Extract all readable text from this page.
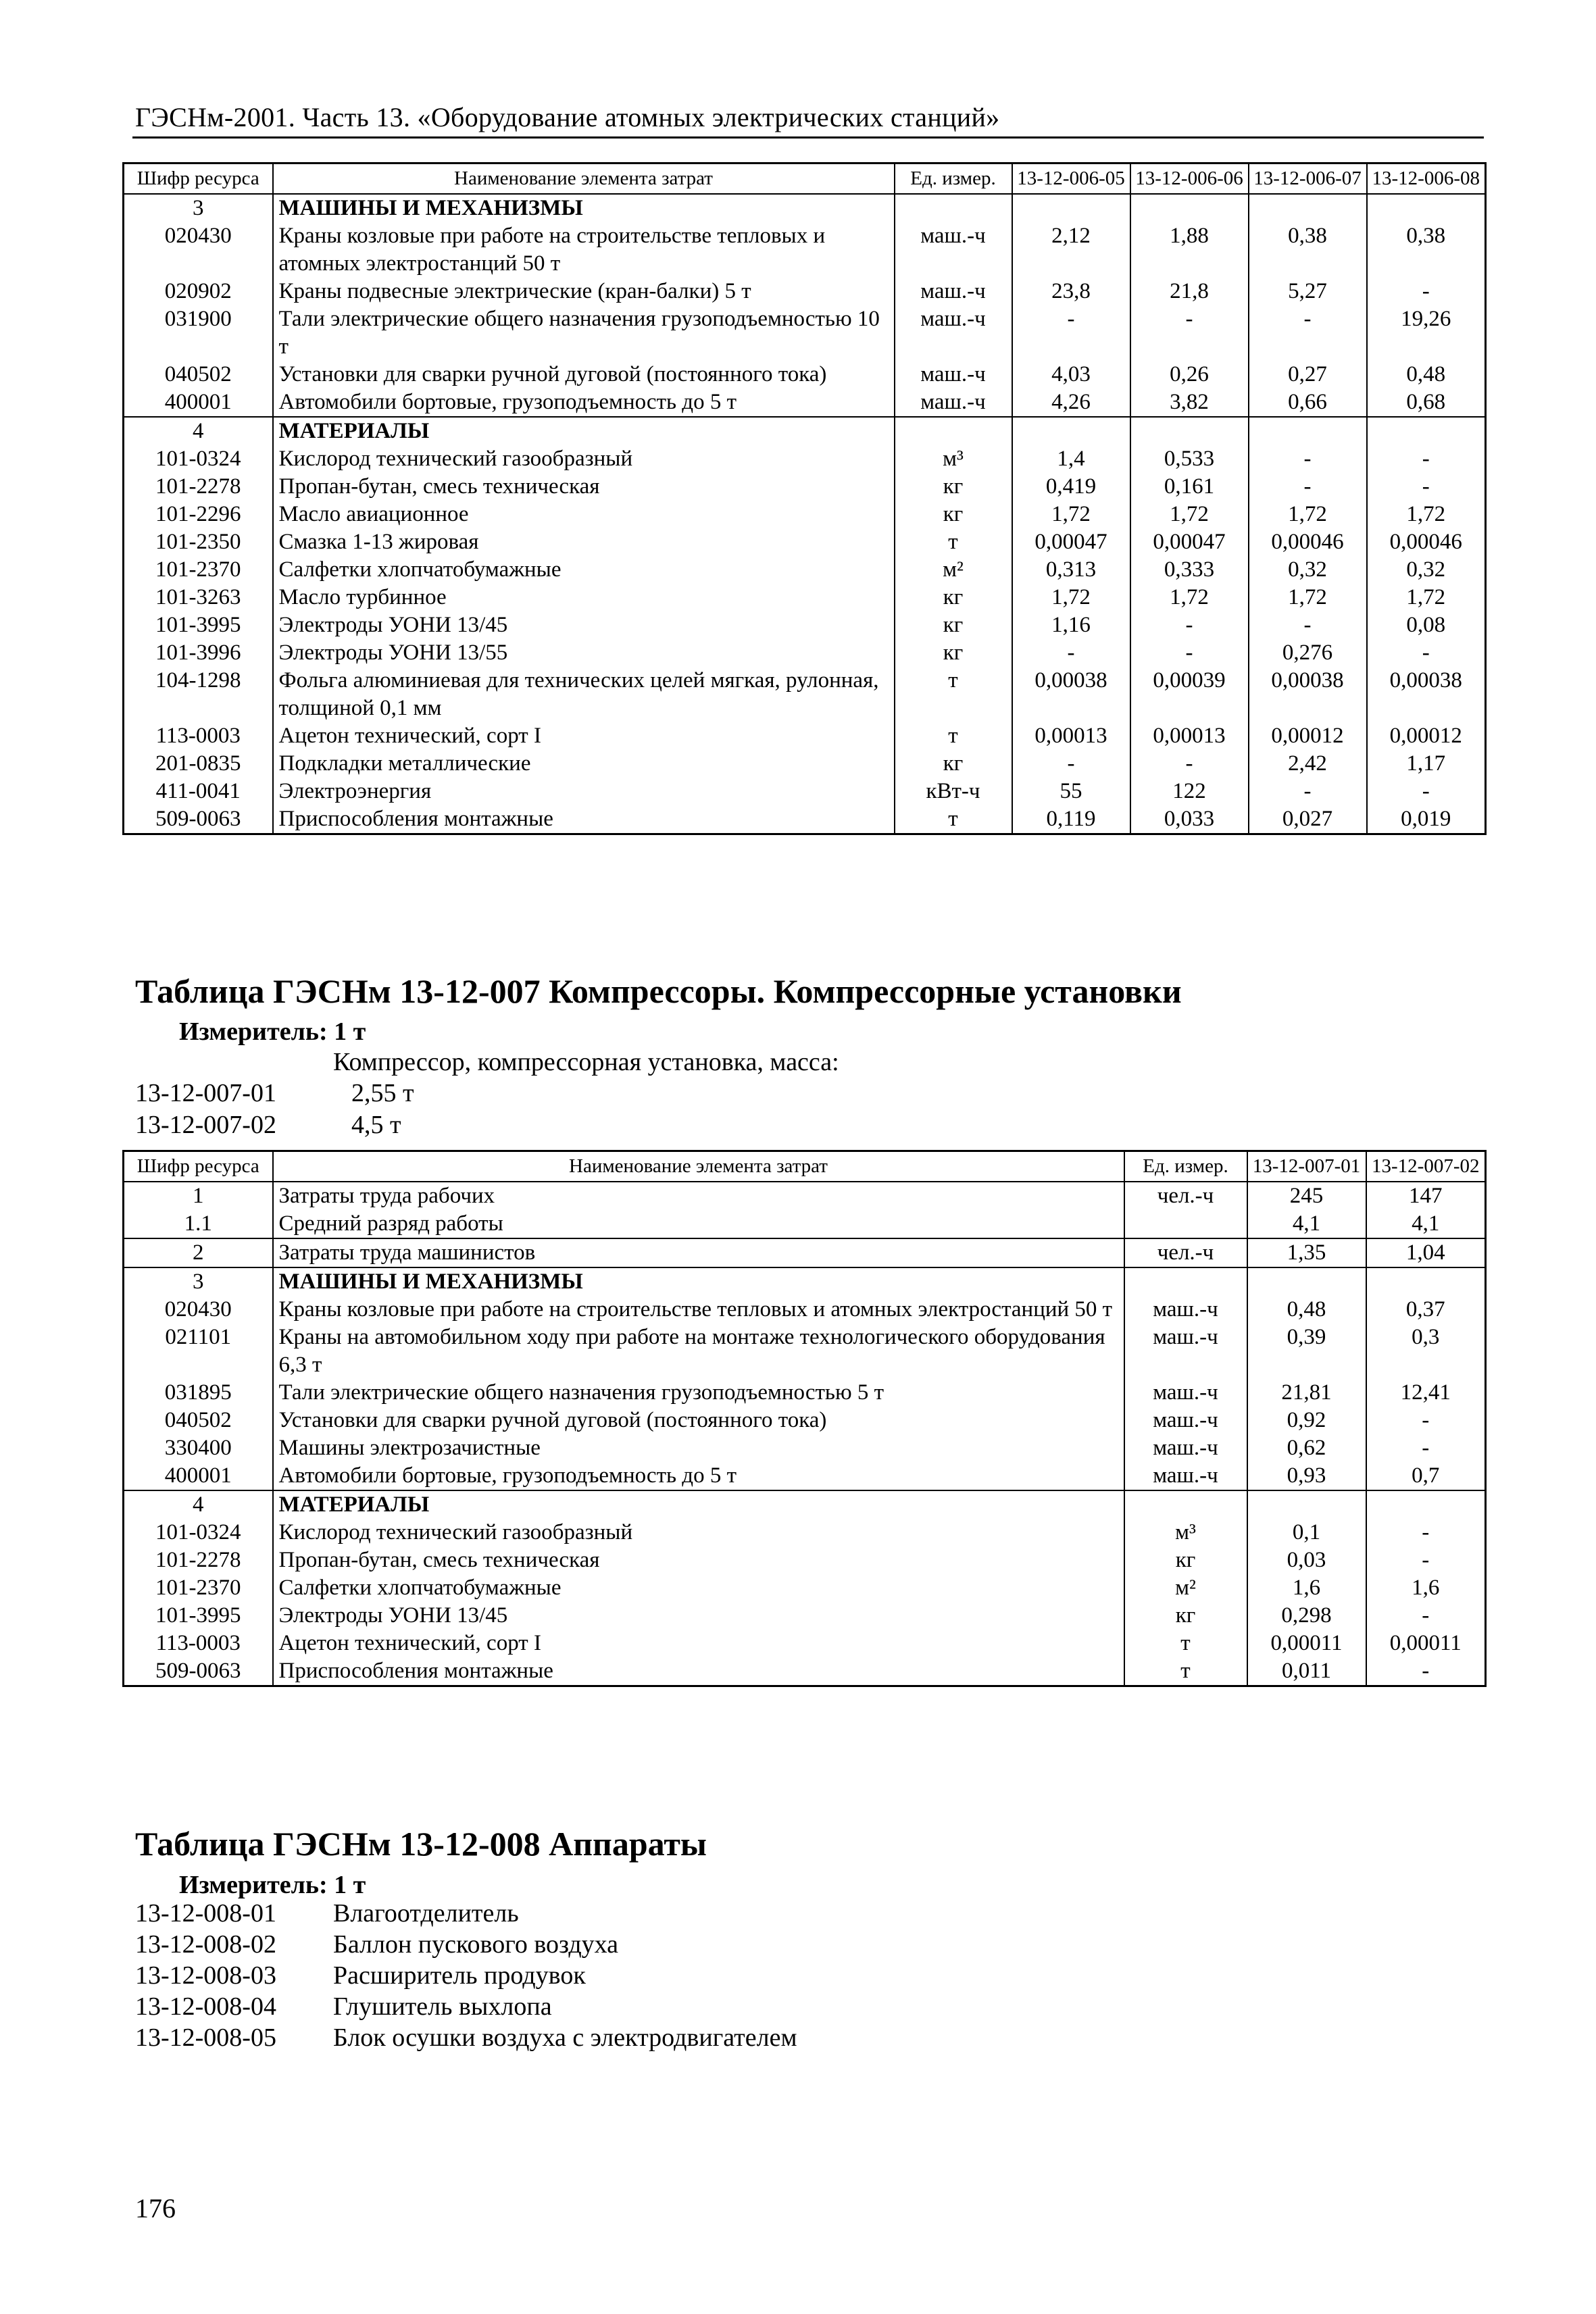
ГЭСНм-2001. Часть 13. «Оборудование атомных электрических станций»
Шифр ресурса	Наименование элемента затрат	Ед. измер.	13-12-006-05	13-12-006-06	13-12-006-07	13-12-006-08
3	МАШИНЫ И МЕХАНИЗМЫ					
020430	Краны козловые при работе на строительстве тепловых и атомных электростанций 50 т	маш.-ч	2,12	1,88	0,38	0,38
020902	Краны подвесные электрические (кран-балки) 5 т	маш.-ч	23,8	21,8	5,27	-
031900	Тали электрические общего назначения грузоподъемностью 10 т	маш.-ч	-	-	-	19,26
040502	Установки для сварки ручной дуговой (постоянного тока)	маш.-ч	4,03	0,26	0,27	0,48
400001	Автомобили бортовые, грузоподъемность до 5 т	маш.-ч	4,26	3,82	0,66	0,68
4	МАТЕРИАЛЫ					
101-0324	Кислород технический газообразный	м³	1,4	0,533	-	-
101-2278	Пропан-бутан, смесь техническая	кг	0,419	0,161	-	-
101-2296	Масло авиационное	кг	1,72	1,72	1,72	1,72
101-2350	Смазка 1-13 жировая	т	0,00047	0,00047	0,00046	0,00046
101-2370	Салфетки хлопчатобумажные	м²	0,313	0,333	0,32	0,32
101-3263	Масло турбинное	кг	1,72	1,72	1,72	1,72
101-3995	Электроды УОНИ 13/45	кг	1,16	-	-	0,08
101-3996	Электроды УОНИ 13/55	кг	-	-	0,276	-
104-1298	Фольга алюминиевая для технических целей мягкая, рулонная, толщиной 0,1 мм	т	0,00038	0,00039	0,00038	0,00038
113-0003	Ацетон технический, сорт I	т	0,00013	0,00013	0,00012	0,00012
201-0835	Подкладки металлические	кг	-	-	2,42	1,17
411-0041	Электроэнергия	кВт-ч	55	122	-	-
509-0063	Приспособления монтажные	т	0,119	0,033	0,027	0,019
Таблица ГЭСНм 13-12-007 Компрессоры. Компрессорные установки
Измеритель: 1 т
Компрессор, компрессорная установка, масса:
13-12-007-01	2,55 т
13-12-007-02	4,5 т
Шифр ресурса	Наименование элемента затрат	Ед. измер.	13-12-007-01	13-12-007-02
1	Затраты труда рабочих	чел.-ч	245	147
1.1	Средний разряд работы		4,1	4,1
2	Затраты труда машинистов	чел.-ч	1,35	1,04
3	МАШИНЫ И МЕХАНИЗМЫ			
020430	Краны козловые при работе на строительстве тепловых и атомных электростанций 50 т	маш.-ч	0,48	0,37
021101	Краны на автомобильном ходу при работе на монтаже технологического оборудования 6,3 т	маш.-ч	0,39	0,3
031895	Тали электрические общего назначения грузоподъемностью 5 т	маш.-ч	21,81	12,41
040502	Установки для сварки ручной дуговой (постоянного тока)	маш.-ч	0,92	-
330400	Машины электрозачистные	маш.-ч	0,62	-
400001	Автомобили бортовые, грузоподъемность до 5 т	маш.-ч	0,93	0,7
4	МАТЕРИАЛЫ			
101-0324	Кислород технический газообразный	м³	0,1	-
101-2278	Пропан-бутан, смесь техническая	кг	0,03	-
101-2370	Салфетки хлопчатобумажные	м²	1,6	1,6
101-3995	Электроды УОНИ 13/45	кг	0,298	-
113-0003	Ацетон технический, сорт I	т	0,00011	0,00011
509-0063	Приспособления монтажные	т	0,011	-
Таблица ГЭСНм 13-12-008 Аппараты
Измеритель: 1 т
13-12-008-01 Влагоотделитель
13-12-008-02 Баллон пускового воздуха
13-12-008-03 Расширитель продувок
13-12-008-04 Глушитель выхлопа
13-12-008-05 Блок осушки воздуха с электродвигателем
176
